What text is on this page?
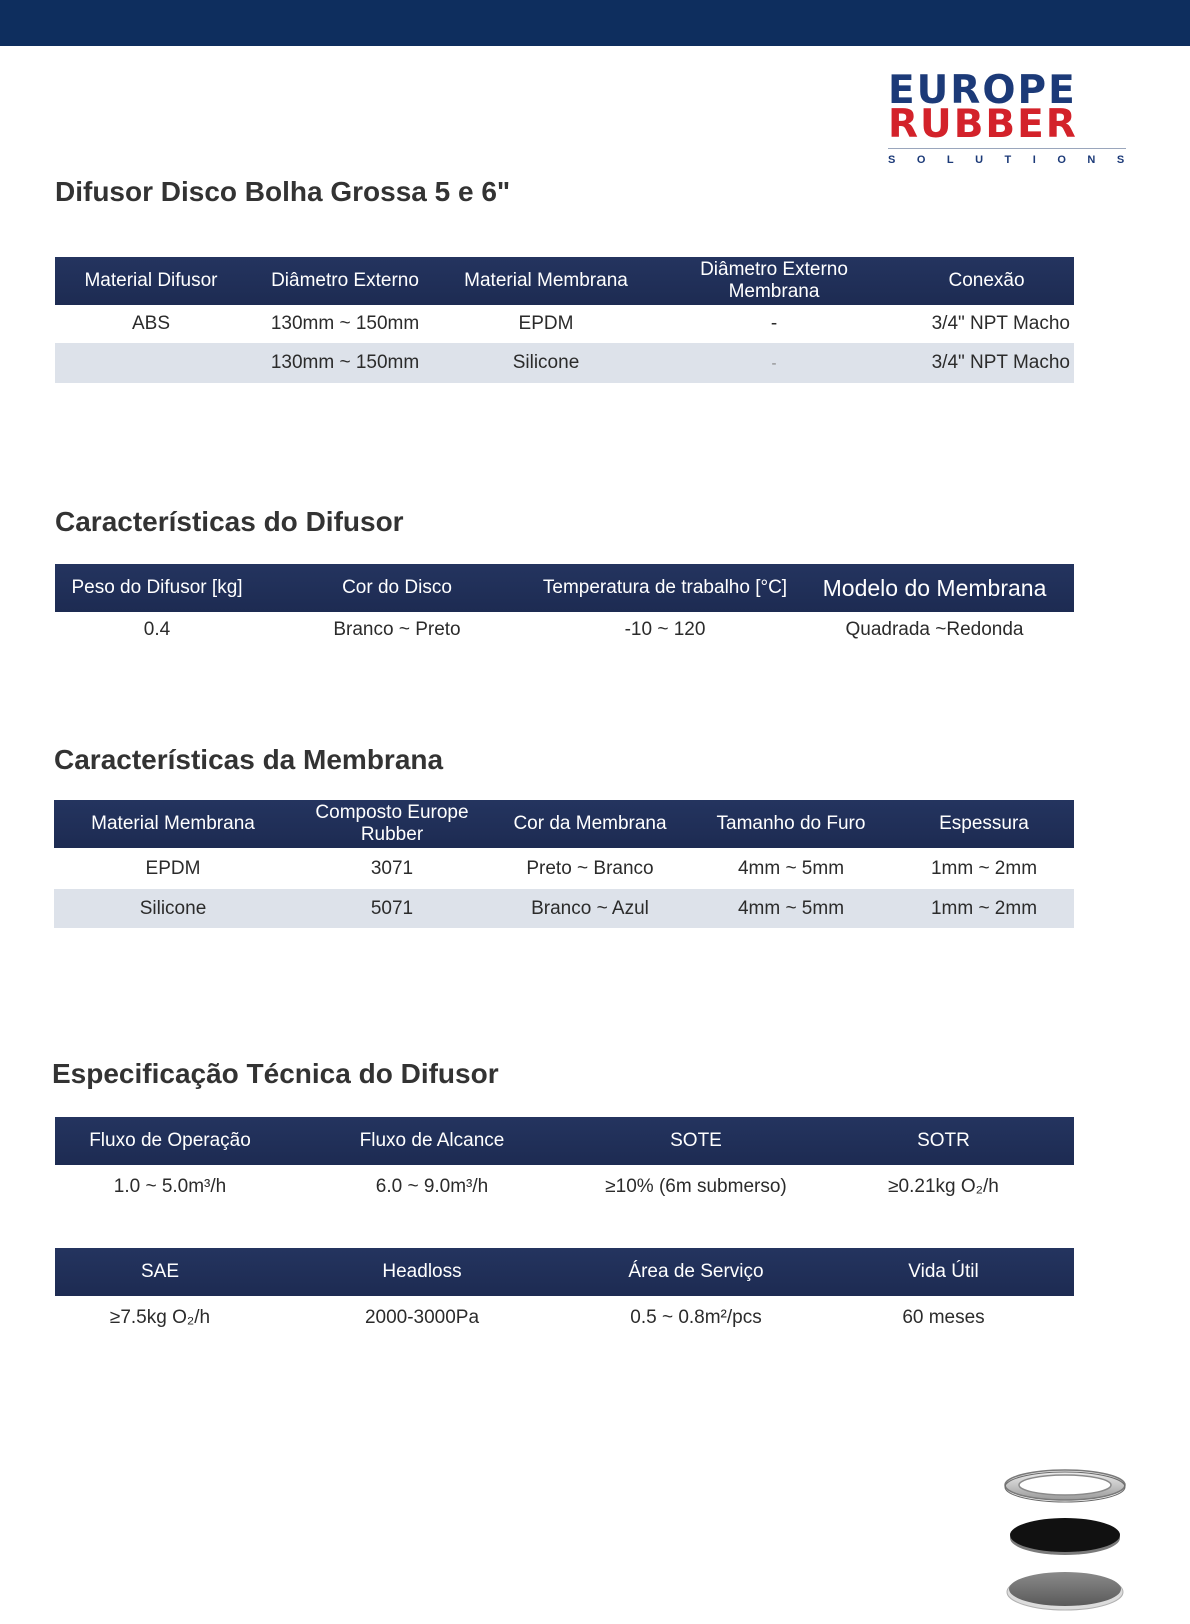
EUROPE
RUBBER
SOLUTIONS
Difusor Disco Bolha Grossa 5 e 6"
Material Difusor	Diâmetro Externo	Material Membrana	Diâmetro Externo Membrana	Conexão
ABS	130mm ~ 150mm	EPDM	-	3/4" NPT Macho
	130mm ~ 150mm	Silicone	-	3/4" NPT Macho
Características do Difusor
Peso do Difusor [kg]	Cor do Disco	Temperatura de trabalho [°C]	Modelo do Membrana
0.4	Branco ~ Preto	-10 ~ 120	Quadrada ~Redonda
Características da Membrana
Material Membrana	Composto Europe Rubber	Cor da Membrana	Tamanho do Furo	Espessura
EPDM	3071	Preto ~ Branco	4mm ~ 5mm	1mm ~ 2mm
Silicone	5071	Branco ~ Azul	4mm ~ 5mm	1mm ~ 2mm
Especificação Técnica do Difusor
Fluxo de Operação	Fluxo de Alcance	SOTE	SOTR
1.0 ~ 5.0m³/h	6.0 ~ 9.0m³/h	≥10% (6m submerso)	≥0.21kg O₂/h
SAE	Headloss	Área de Serviço	Vida Útil
≥7.5kg O₂/h	2000-3000Pa	0.5 ~ 0.8m²/pcs	60 meses
